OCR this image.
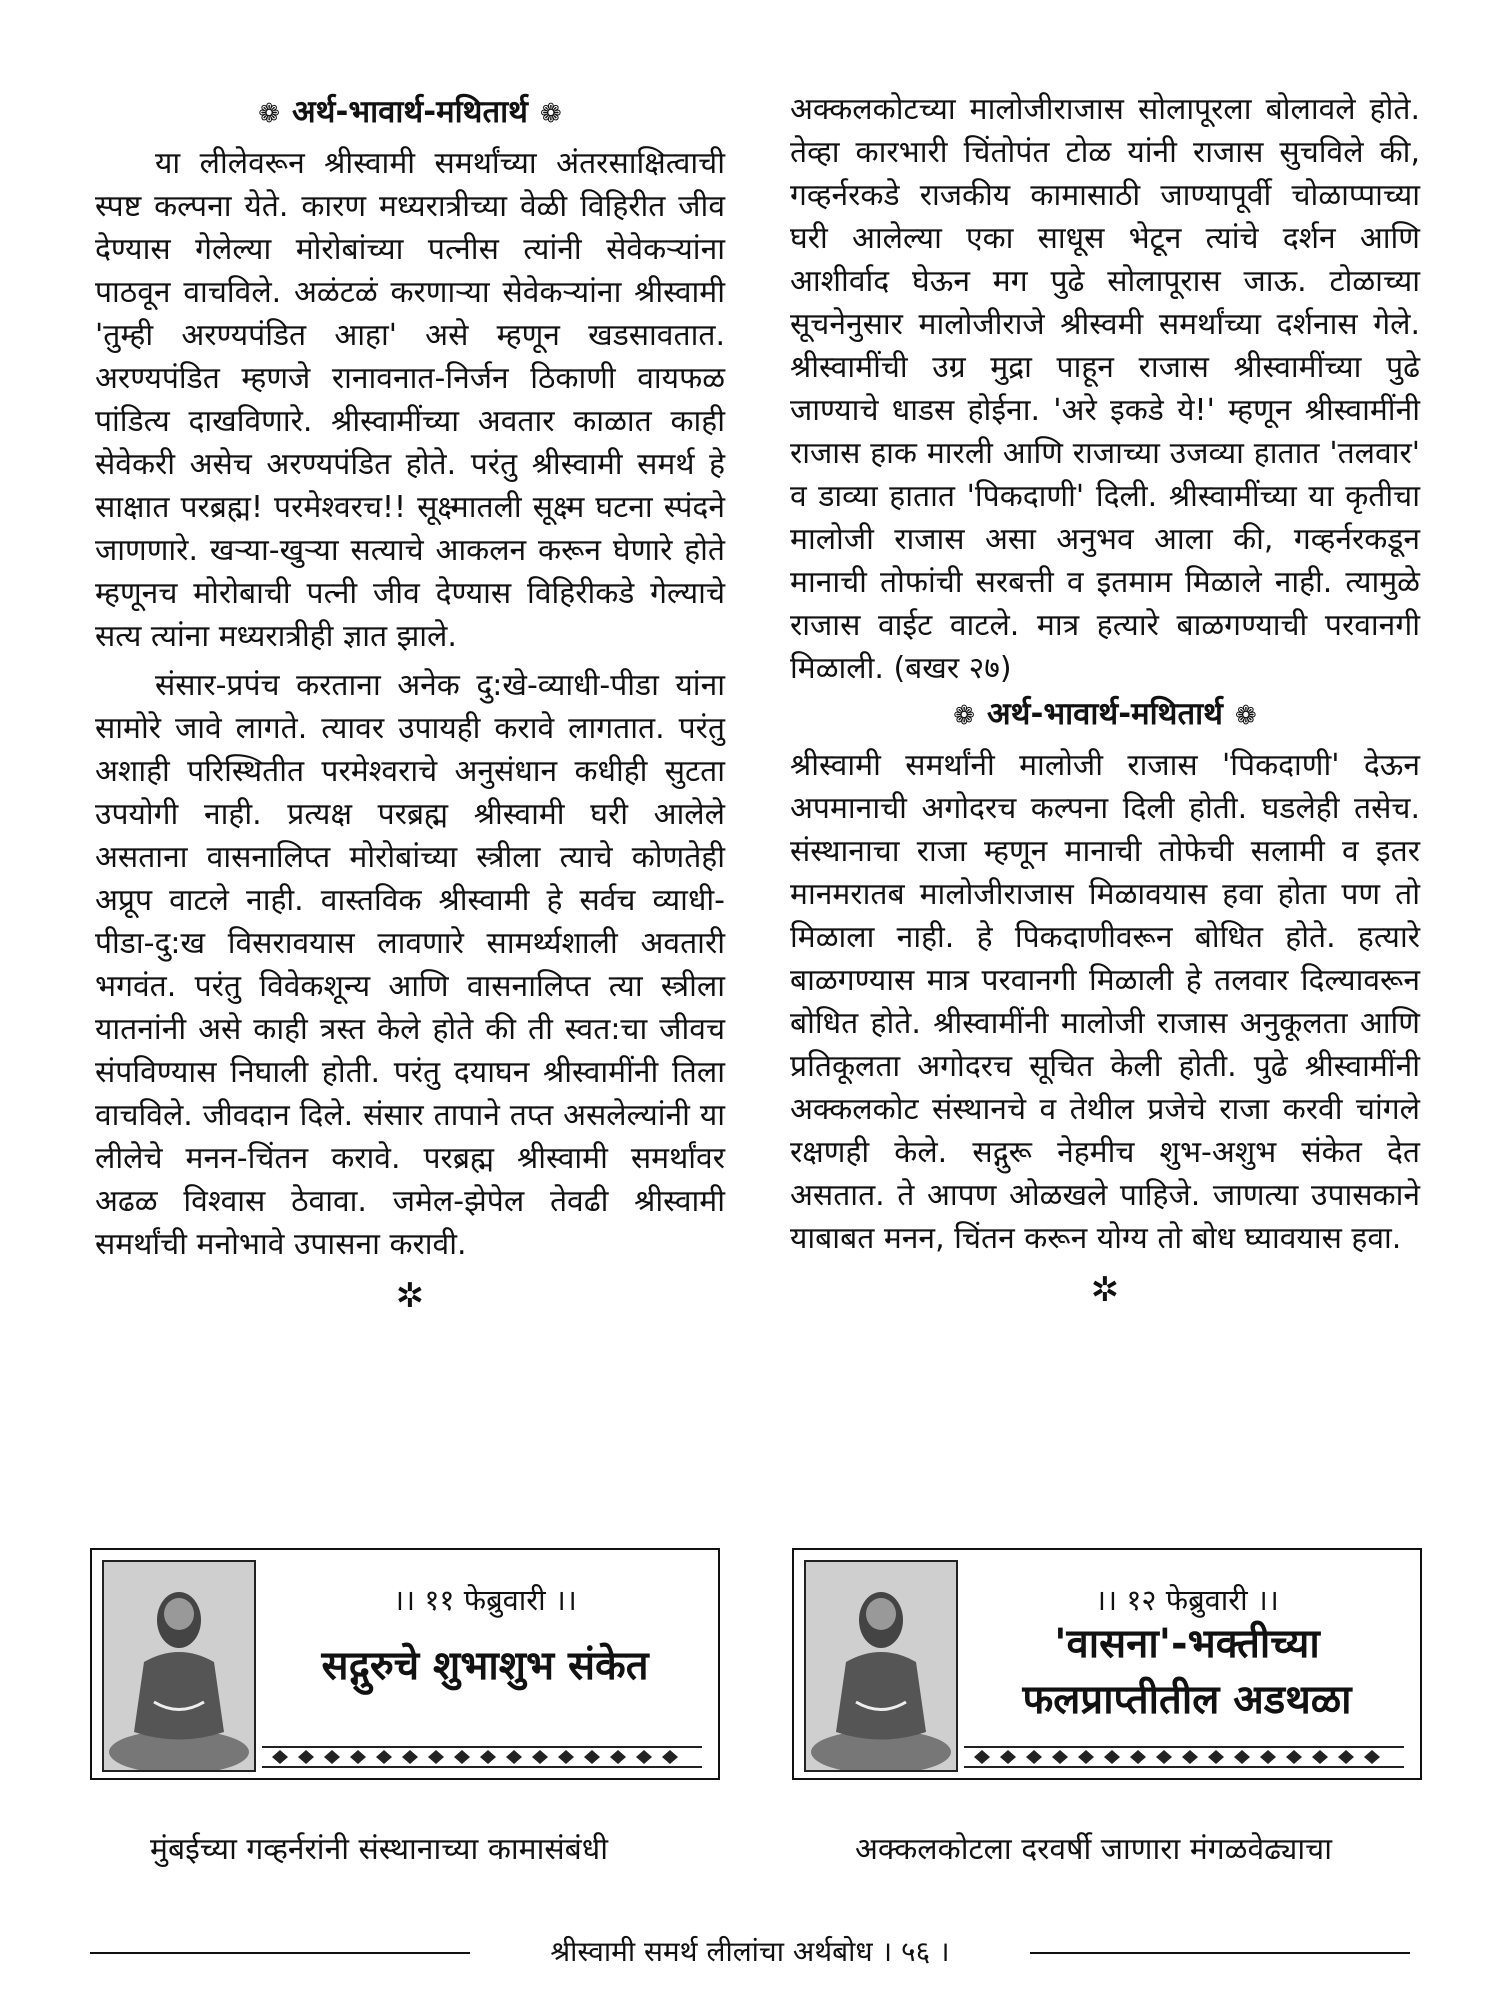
❁ अर्थ-भावार्थ-मथितार्थ ❁

या लीलेवरून श्रीस्वामी समर्थांच्या अंतरसाक्षित्वाची स्पष्ट कल्पना येते. कारण मध्यरात्रीच्या वेळी विहिरीत जीव देण्यास गेलेल्या मोरोबांच्या पत्नीस त्यांनी सेवेकऱ्यांना पाठवून वाचविले. अळंटळं करणाऱ्या सेवेकऱ्यांना श्रीस्वामी 'तुम्ही अरण्यपंडित आहा' असे म्हणून खडसावतात. अरण्यपंडित म्हणजे रानावनात-निर्जन ठिकाणी वायफळ पांडित्य दाखविणारे. श्रीस्वामींच्या अवतार काळात काही सेवेकरी असेच अरण्यपंडित होते. परंतु श्रीस्वामी समर्थ हे साक्षात परब्रह्म! परमेश्वरच!! सूक्ष्मातली सूक्ष्म घटना स्पंदने जाणणारे. खऱ्या-खुऱ्या सत्याचे आकलन करून घेणारे होते म्हणूनच मोरोबाची पत्नी जीव देण्यास विहिरीकडे गेल्याचे सत्य त्यांना मध्यरात्रीही ज्ञात झाले.

संसार-प्रपंच करताना अनेक दु:खे-व्याधी-पीडा यांना सामोरे जावे लागते. त्यावर उपायही करावे लागतात. परंतु अशाही परिस्थितीत परमेश्वराचे अनुसंधान कधीही सुटता उपयोगी नाही. प्रत्यक्ष परब्रह्म श्रीस्वामी घरी आलेले असताना वासनालिप्त मोरोबांच्या स्त्रीला त्याचे कोणतेही अप्रूप वाटले नाही. वास्तविक श्रीस्वामी हे सर्वच व्याधी-पीडा-दु:ख विसरावयास लावणारे सामर्थ्यशाली अवतारी भगवंत. परंतु विवेकशून्य आणि वासनालिप्त त्या स्त्रीला यातनांनी असे काही त्रस्त केले होते की ती स्वत:चा जीवच संपविण्यास निघाली होती. परंतु दयाघन श्रीस्वामींनी तिला वाचविले. जीवदान दिले. संसार तापाने तप्त असलेल्यांनी या लीलेचे मनन-चिंतन करावे. परब्रह्म श्रीस्वामी समर्थांवर अढळ विश्वास ठेवावा. जमेल-झेपेल तेवढी श्रीस्वामी समर्थांची मनोभावे उपासना करावी.

✲

अक्कलकोटच्या मालोजीराजास सोलापूरला बोलावले होते. तेव्हा कारभारी चिंतोपंत टोळ यांनी राजास सुचविले की, गव्हर्नरकडे राजकीय कामासाठी जाण्यापूर्वी चोळाप्पाच्या घरी आलेल्या एका साधूस भेटून त्यांचे दर्शन आणि आशीर्वाद घेऊन मग पुढे सोलापूरास जाऊ. टोळाच्या सूचनेनुसार मालोजीराजे श्रीस्वमी समर्थांच्या दर्शनास गेले. श्रीस्वामींची उग्र मुद्रा पाहून राजास श्रीस्वामींच्या पुढे जाण्याचे धाडस होईना. 'अरे इकडे ये!' म्हणून श्रीस्वामींनी राजास हाक मारली आणि राजाच्या उजव्या हातात 'तलवार' व डाव्या हातात 'पिकदाणी' दिली. श्रीस्वामींच्या या कृतीचा मालोजी राजास असा अनुभव आला की, गव्हर्नरकडून मानाची तोफांची सरबत्ती व इतमाम मिळाले नाही. त्यामुळे राजास वाईट वाटले. मात्र हत्यारे बाळगण्याची परवानगी मिळाली. (बखर २७)

❁ अर्थ-भावार्थ-मथितार्थ ❁

श्रीस्वामी समर्थांनी मालोजी राजास 'पिकदाणी' देऊन अपमानाची अगोदरच कल्पना दिली होती. घडलेही तसेच. संस्थानाचा राजा म्हणून मानाची तोफेची सलामी व इतर मानमरातब मालोजीराजास मिळावयास हवा होता पण तो मिळाला नाही. हे पिकदाणीवरून बोधित होते. हत्यारे बाळगण्यास मात्र परवानगी मिळाली हे तलवार दिल्यावरून बोधित होते. श्रीस्वामींनी मालोजी राजास अनुकूलता आणि प्रतिकूलता अगोदरच सूचित केली होती. पुढे श्रीस्वामींनी अक्कलकोट संस्थानचे व तेथील प्रजेचे राजा करवी चांगले रक्षणही केले. सद्गुरू नेहमीच शुभ-अशुभ संकेत देत असतात. ते आपण ओळखले पाहिजे. जाणत्या उपासकाने याबाबत मनन, चिंतन करून योग्य तो बोध घ्यावयास हवा.

✲
।। ११ फेब्रुवारी ।।
सद्गुरुचे शुभाशुभ संकेत
।। १२ फेब्रुवारी ।।
'वासना'-भक्तीच्या
फलप्राप्तीतील अडथळा
मुंबईच्या गव्हर्नरांनी संस्थानाच्या कामासंबंधी	अक्कलकोटला दरवर्षी जाणारा मंगळवेढ्याचा
श्रीस्वामी समर्थ लीलांचा अर्थबोध । ५६ ।
